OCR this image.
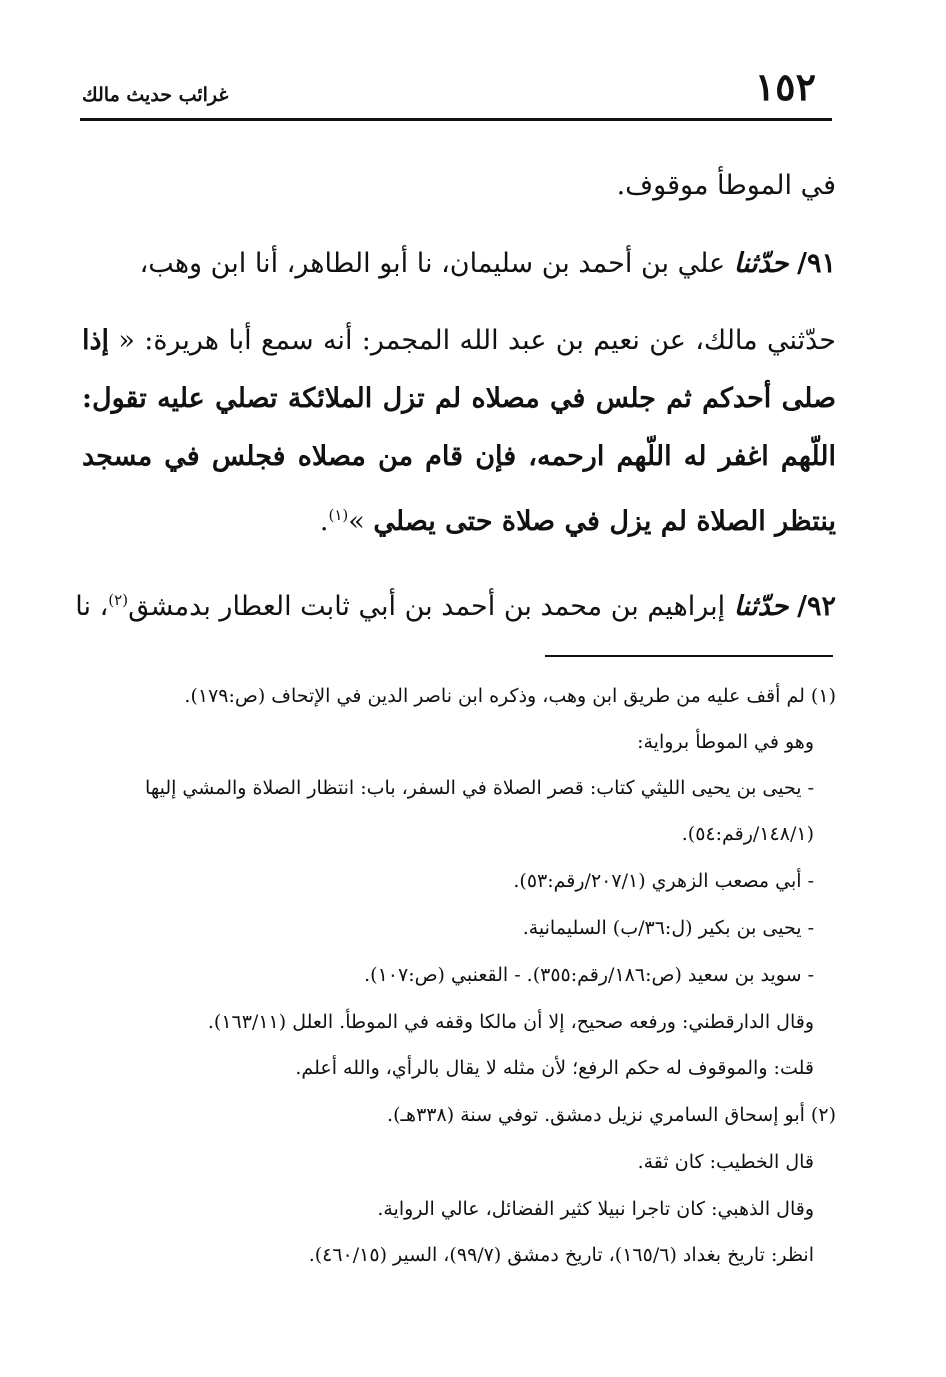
١٥٢
غرائب حديث مالك
في الموطأ موقوف.
٩١/ حدّثنا علي بن أحمد بن سليمان، نا أبو الطاهر، أنا ابن وهب،
حدّثني مالك، عن نعيم بن عبد الله المجمر: أنه سمع أبا هريرة: « إذا صلى أحدكم ثم جلس في مصلاه لم تزل الملائكة تصلي عليه تقول: اللّهم اغفر له اللّهم ارحمه، فإن قام من مصلاه فجلس في مسجد ينتظر الصلاة لم يزل في صلاة حتى يصلي »$^{(١)}$.
٩٢/ حدّثنا إبراهيم بن محمد بن أحمد بن أبي ثابت العطار بدمشق$^{(٢)}$، نا
(١) لم أقف عليه من طريق ابن وهب، وذكره ابن ناصر الدين في الإتحاف (ص:١٧٩).
وهو في الموطأ برواية:
- يحيى بن يحيى الليثي كتاب: قصر الصلاة في السفر، باب: انتظار الصلاة والمشي إليها
(١٤٨/١/رقم:٥٤).
- أبي مصعب الزهري (٢٠٧/١/رقم:٥٣).
- يحيى بن بكير (ل:٣٦/ب) السليمانية.
- سويد بن سعيد (ص:١٨٦/رقم:٣٥٥). - القعنبي (ص:١٠٧).
وقال الدارقطني: ورفعه صحيح، إلا أن مالكا وقفه في الموطأ. العلل (١٦٣/١١).
قلت: والموقوف له حكم الرفع؛ لأن مثله لا يقال بالرأي، والله أعلم.
(٢) أبو إسحاق السامري نزيل دمشق. توفي سنة (٣٣٨هـ).
قال الخطيب: كان ثقة.
وقال الذهبي: كان تاجرا نبيلا كثير الفضائل، عالي الرواية.
انظر: تاريخ بغداد (١٦٥/٦)، تاريخ دمشق (٩٩/٧)، السير (٤٦٠/١٥).
